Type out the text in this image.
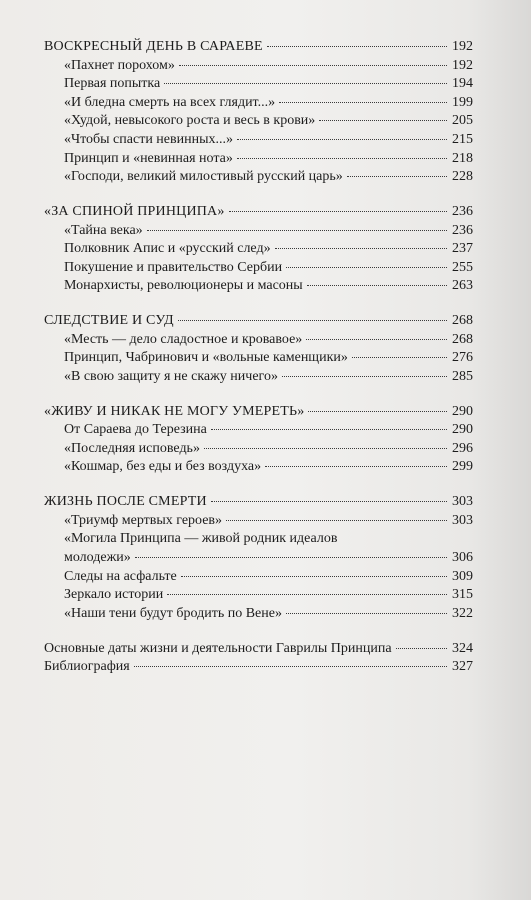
ВОСКРЕСНЫЙ ДЕНЬ В САРАЕВЕ	192
«Пахнет порохом»	192
Первая попытка	194
«И бледна смерть на всех глядит...»	199
«Худой, невысокого роста и весь в крови»	205
«Чтобы спасти невинных...»	215
Принцип и «невинная нота»	218
«Господи, великий милостивый русский царь»	228
«ЗА СПИНОЙ ПРИНЦИПА»	236
«Тайна века»	236
Полковник Апис и «русский след»	237
Покушение и правительство Сербии	255
Монархисты, революционеры и масоны	263
СЛЕДСТВИЕ И СУД	268
«Месть — дело сладостное и кровавое»	268
Принцип, Чабринович и «вольные каменщики»	276
«В свою защиту я не скажу ничего»	285
«ЖИВУ И НИКАК НЕ МОГУ УМЕРЕТЬ»	290
От Сараева до Терезина	290
«Последняя исповедь»	296
«Кошмар, без еды и без воздуха»	299
ЖИЗНЬ ПОСЛЕ СМЕРТИ	303
«Триумф мертвых героев»	303
«Могила Принципа — живой родник идеалов
молодежи»	306
Следы на асфальте	309
Зеркало истории	315
«Наши тени будут бродить по Вене»	322
Основные даты жизни и деятельности Гаврилы Принципа	324
Библиография	327
